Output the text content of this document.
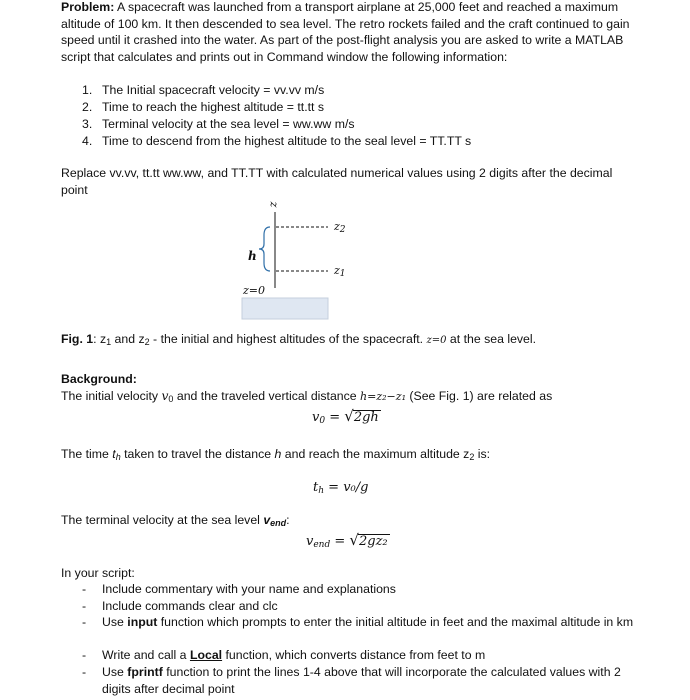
Problem: A spacecraft was launched from a transport airplane at 25,000 feet and reached a maximum altitude of 100 km. It then descended to sea level. The retro rockets failed and the craft continued to gain speed until it crashed into the water. As part of the post-flight analysis you are asked to write a MATLAB script that calculates and prints out in Command window the following information:

1. The Initial spacecraft velocity = vv.vv m/s
2. Time to reach the highest altitude = tt.tt s
3. Terminal velocity at the sea level = ww.ww m/s
4. Time to descend from the highest altitude to the seal level = TT.TT s

Replace vv.vv, tt.tt ww.ww, and TT.TT with calculated numerical values using 2 digits after the decimal point

z
$z_2$
$z_1$
h
z=0
Fig. 1: $z_1$ and $z_2$ - the initial and highest altitudes of the spacecraft. z=0 at the sea level.
Background:
The initial velocity $v_0$ and the traveled vertical distance h=z₂−z₁ (See Fig. 1) are related as
$v_0 = √2gh$
The time th taken to travel the distance h and reach the maximum altitude $z_2$ is:
$t_h = v_0/g$
The terminal velocity at the sea level vend:
$v_{end} = √2gz_2$
In your script:
- Include commentary with your name and explanations
- Include commands clear and clc
- Use input function which prompts to enter the initial altitude in feet and the maximal altitude in km
- Write and call a Local function, which converts distance from feet to m
- Use fprintf function to print the lines 1-4 above that will incorporate the calculated values with 2 digits after decimal point
